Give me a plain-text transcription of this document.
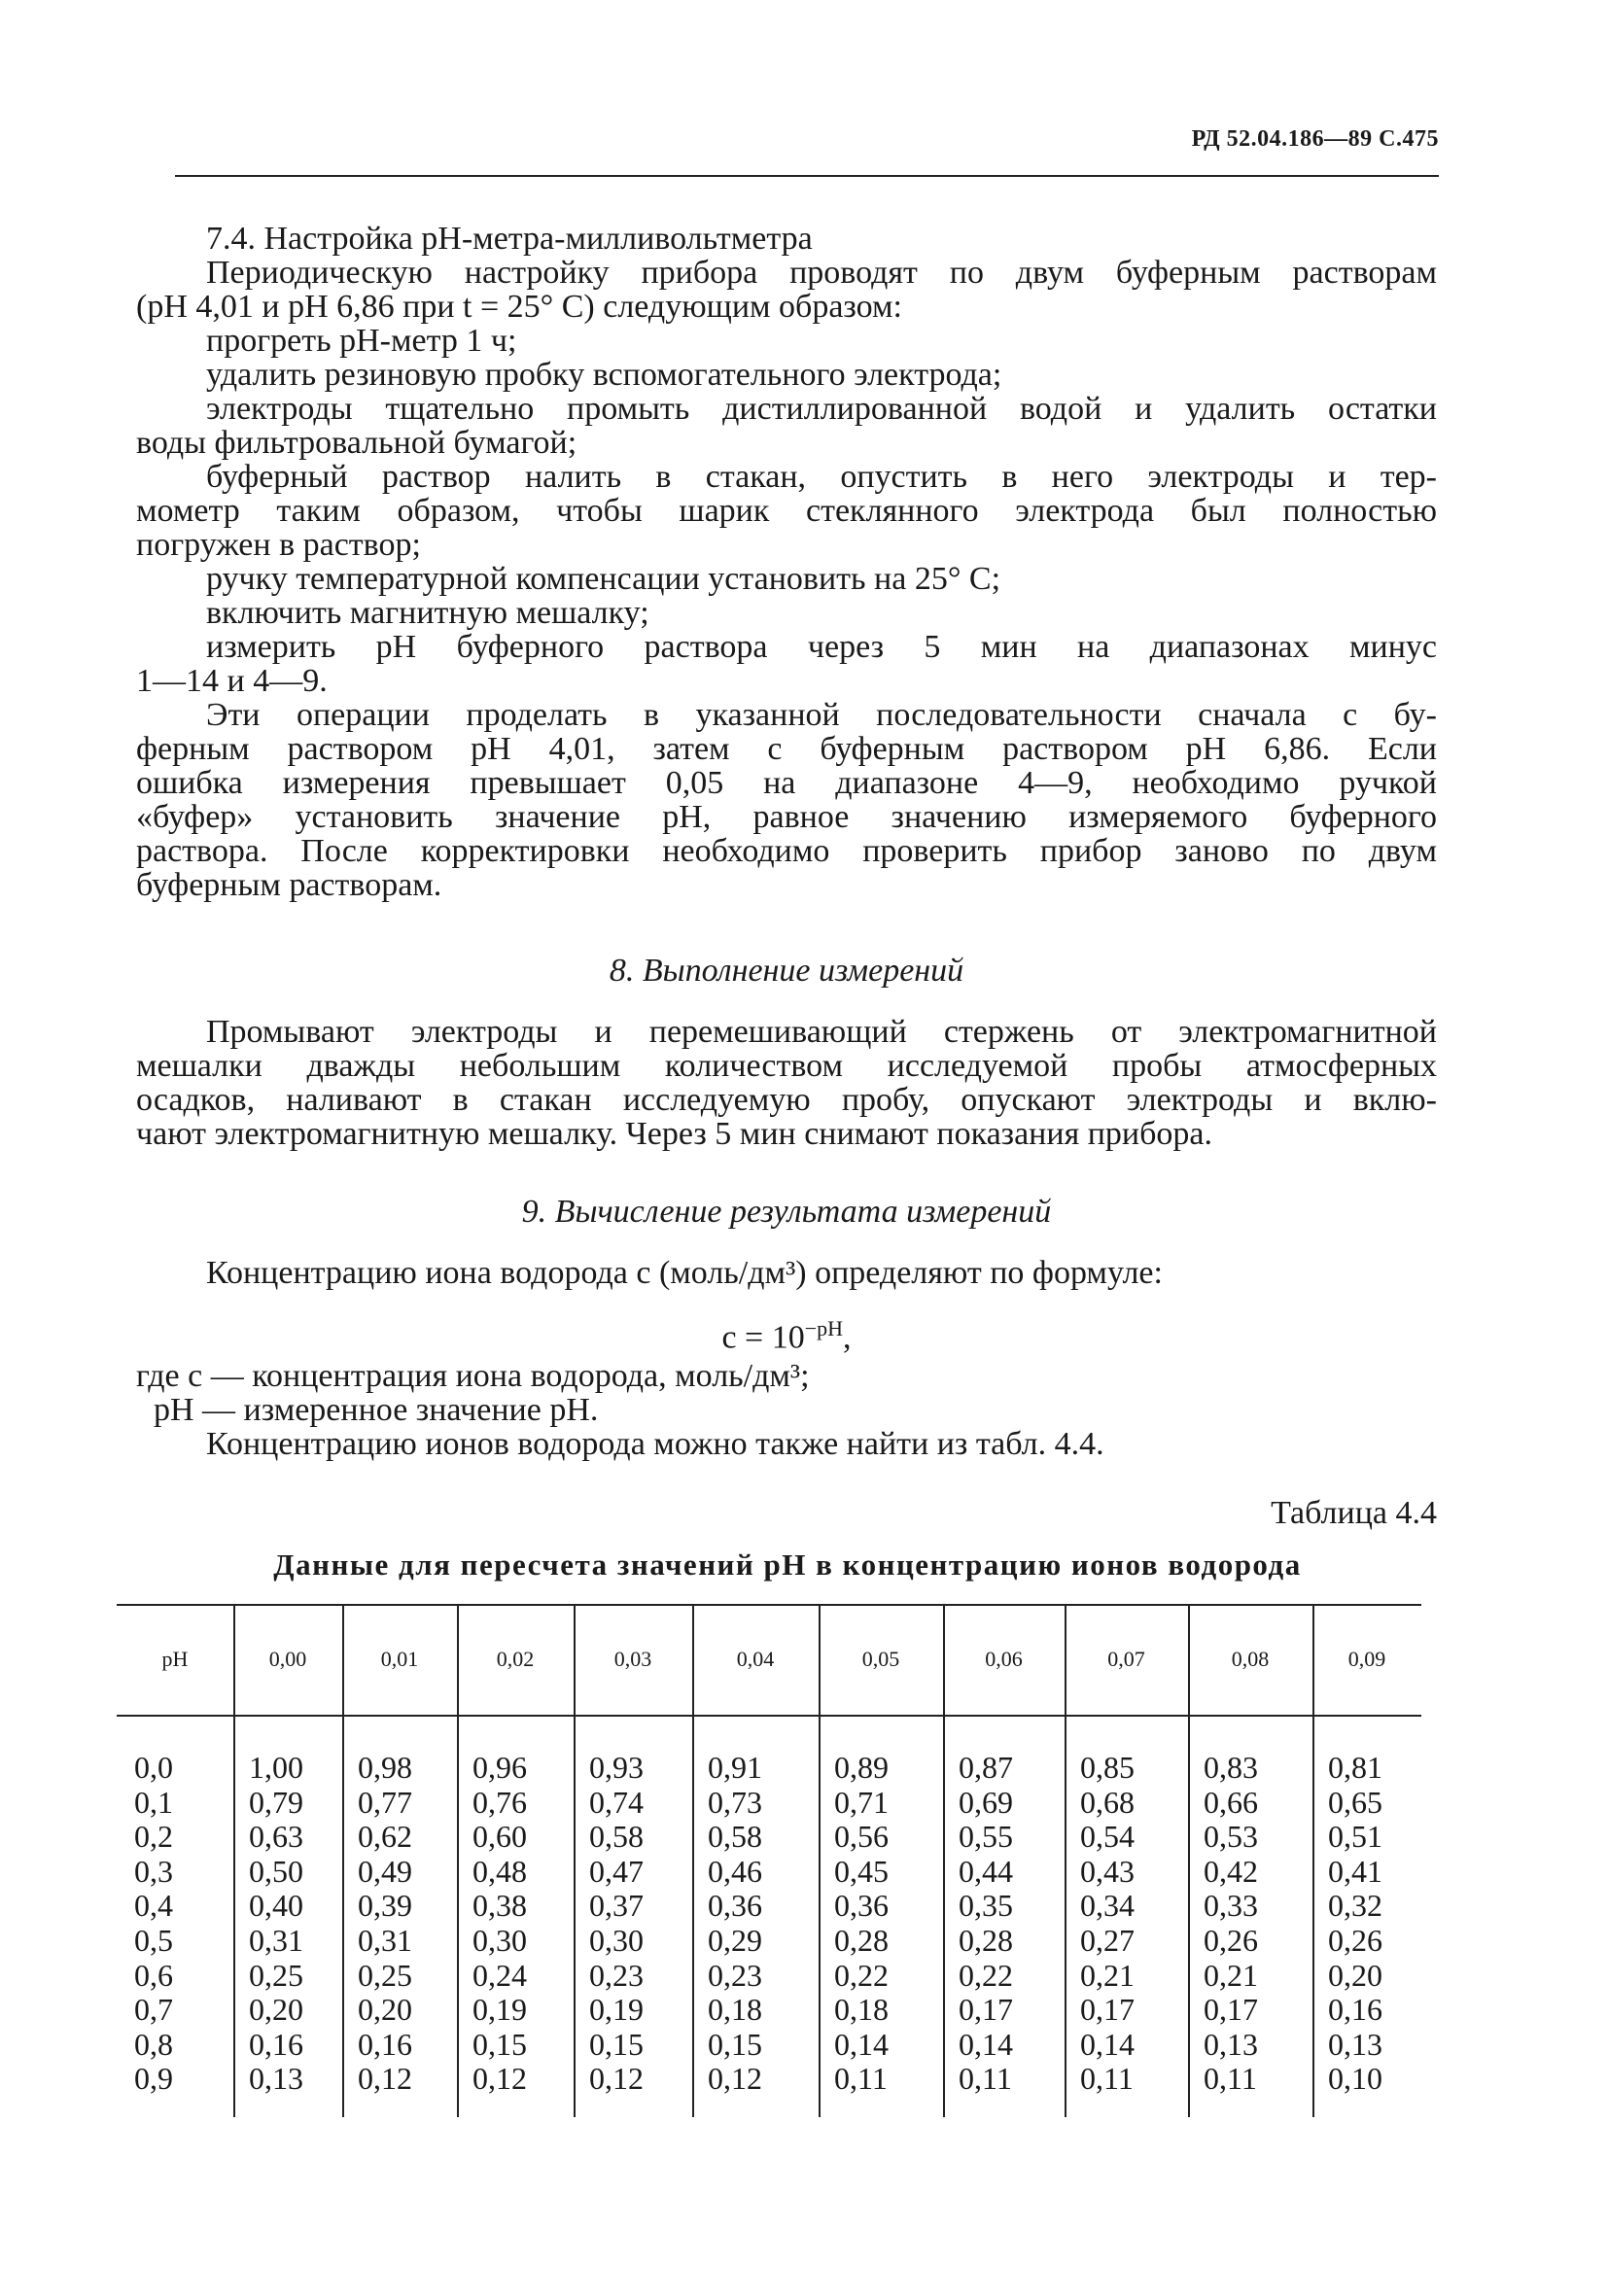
РД 52.04.186—89 С.475
7.4. Настройка рН-метра-милливольтметра
Периодическую настройку прибора проводят по двум буферным растворам
(рН 4,01 и рН 6,86 при t = 25° C) следующим образом:
прогреть рН-метр 1 ч;
удалить резиновую пробку вспомогательного электрода;
электроды тщательно промыть дистиллированной водой и удалить остатки
воды фильтровальной бумагой;
буферный раствор налить в стакан, опустить в него электроды и тер-
мометр таким образом, чтобы шарик стеклянного электрода был полностью
погружен в раствор;
ручку температурной компенсации установить на 25° C;
включить магнитную мешалку;
измерить рН буферного раствора через 5 мин на диапазонах минус
1—14 и 4—9.
Эти операции проделать в указанной последовательности сначала с бу-
ферным раствором рН 4,01, затем с буферным раствором рН 6,86. Если
ошибка измерения превышает 0,05 на диапазоне 4—9, необходимо ручкой
«буфер» установить значение рН, равное значению измеряемого буферного
раствора. После корректировки необходимо проверить прибор заново по двум
буферным растворам.
8. Выполнение измерений
Промывают электроды и перемешивающий стержень от электромагнитной
мешалки дважды небольшим количеством исследуемой пробы атмосферных
осадков, наливают в стакан исследуемую пробу, опускают электроды и вклю-
чают электромагнитную мешалку. Через 5 мин снимают показания прибора.
9. Вычисление результата измерений
Концентрацию иона водорода c (моль/дм³) определяют по формуле:
$c = 10^{-pH}$,
где c — концентрация иона водорода, моль/дм³;
рН — измеренное значение рН.
Концентрацию ионов водорода можно также найти из табл. 4.4.
Таблица 4.4
Данные для пересчета значений рН в концентрацию ионов водорода
pH	0,00	0,01	0,02	0,03	0,04	0,05	0,06	0,07	0,08	0,09
0,0 1,00 0,98 0,96 0,93 0,91 0,89 0,87 0,85 0,83 0,81
0,1 0,79 0,77 0,76 0,74 0,73 0,71 0,69 0,68 0,66 0,65
0,2 0,63 0,62 0,60 0,58 0,58 0,56 0,55 0,54 0,53 0,51
0,3 0,50 0,49 0,48 0,47 0,46 0,45 0,44 0,43 0,42 0,41
0,4 0,40 0,39 0,38 0,37 0,36 0,36 0,35 0,34 0,33 0,32
0,5 0,31 0,31 0,30 0,30 0,29 0,28 0,28 0,27 0,26 0,26
0,6 0,25 0,25 0,24 0,23 0,23 0,22 0,22 0,21 0,21 0,20
0,7 0,20 0,20 0,19 0,19 0,18 0,18 0,17 0,17 0,17 0,16
0,8 0,16 0,16 0,15 0,15 0,15 0,14 0,14 0,14 0,13 0,13
0,9 0,13 0,12 0,12 0,12 0,12 0,11 0,11 0,11 0,11 0,10
